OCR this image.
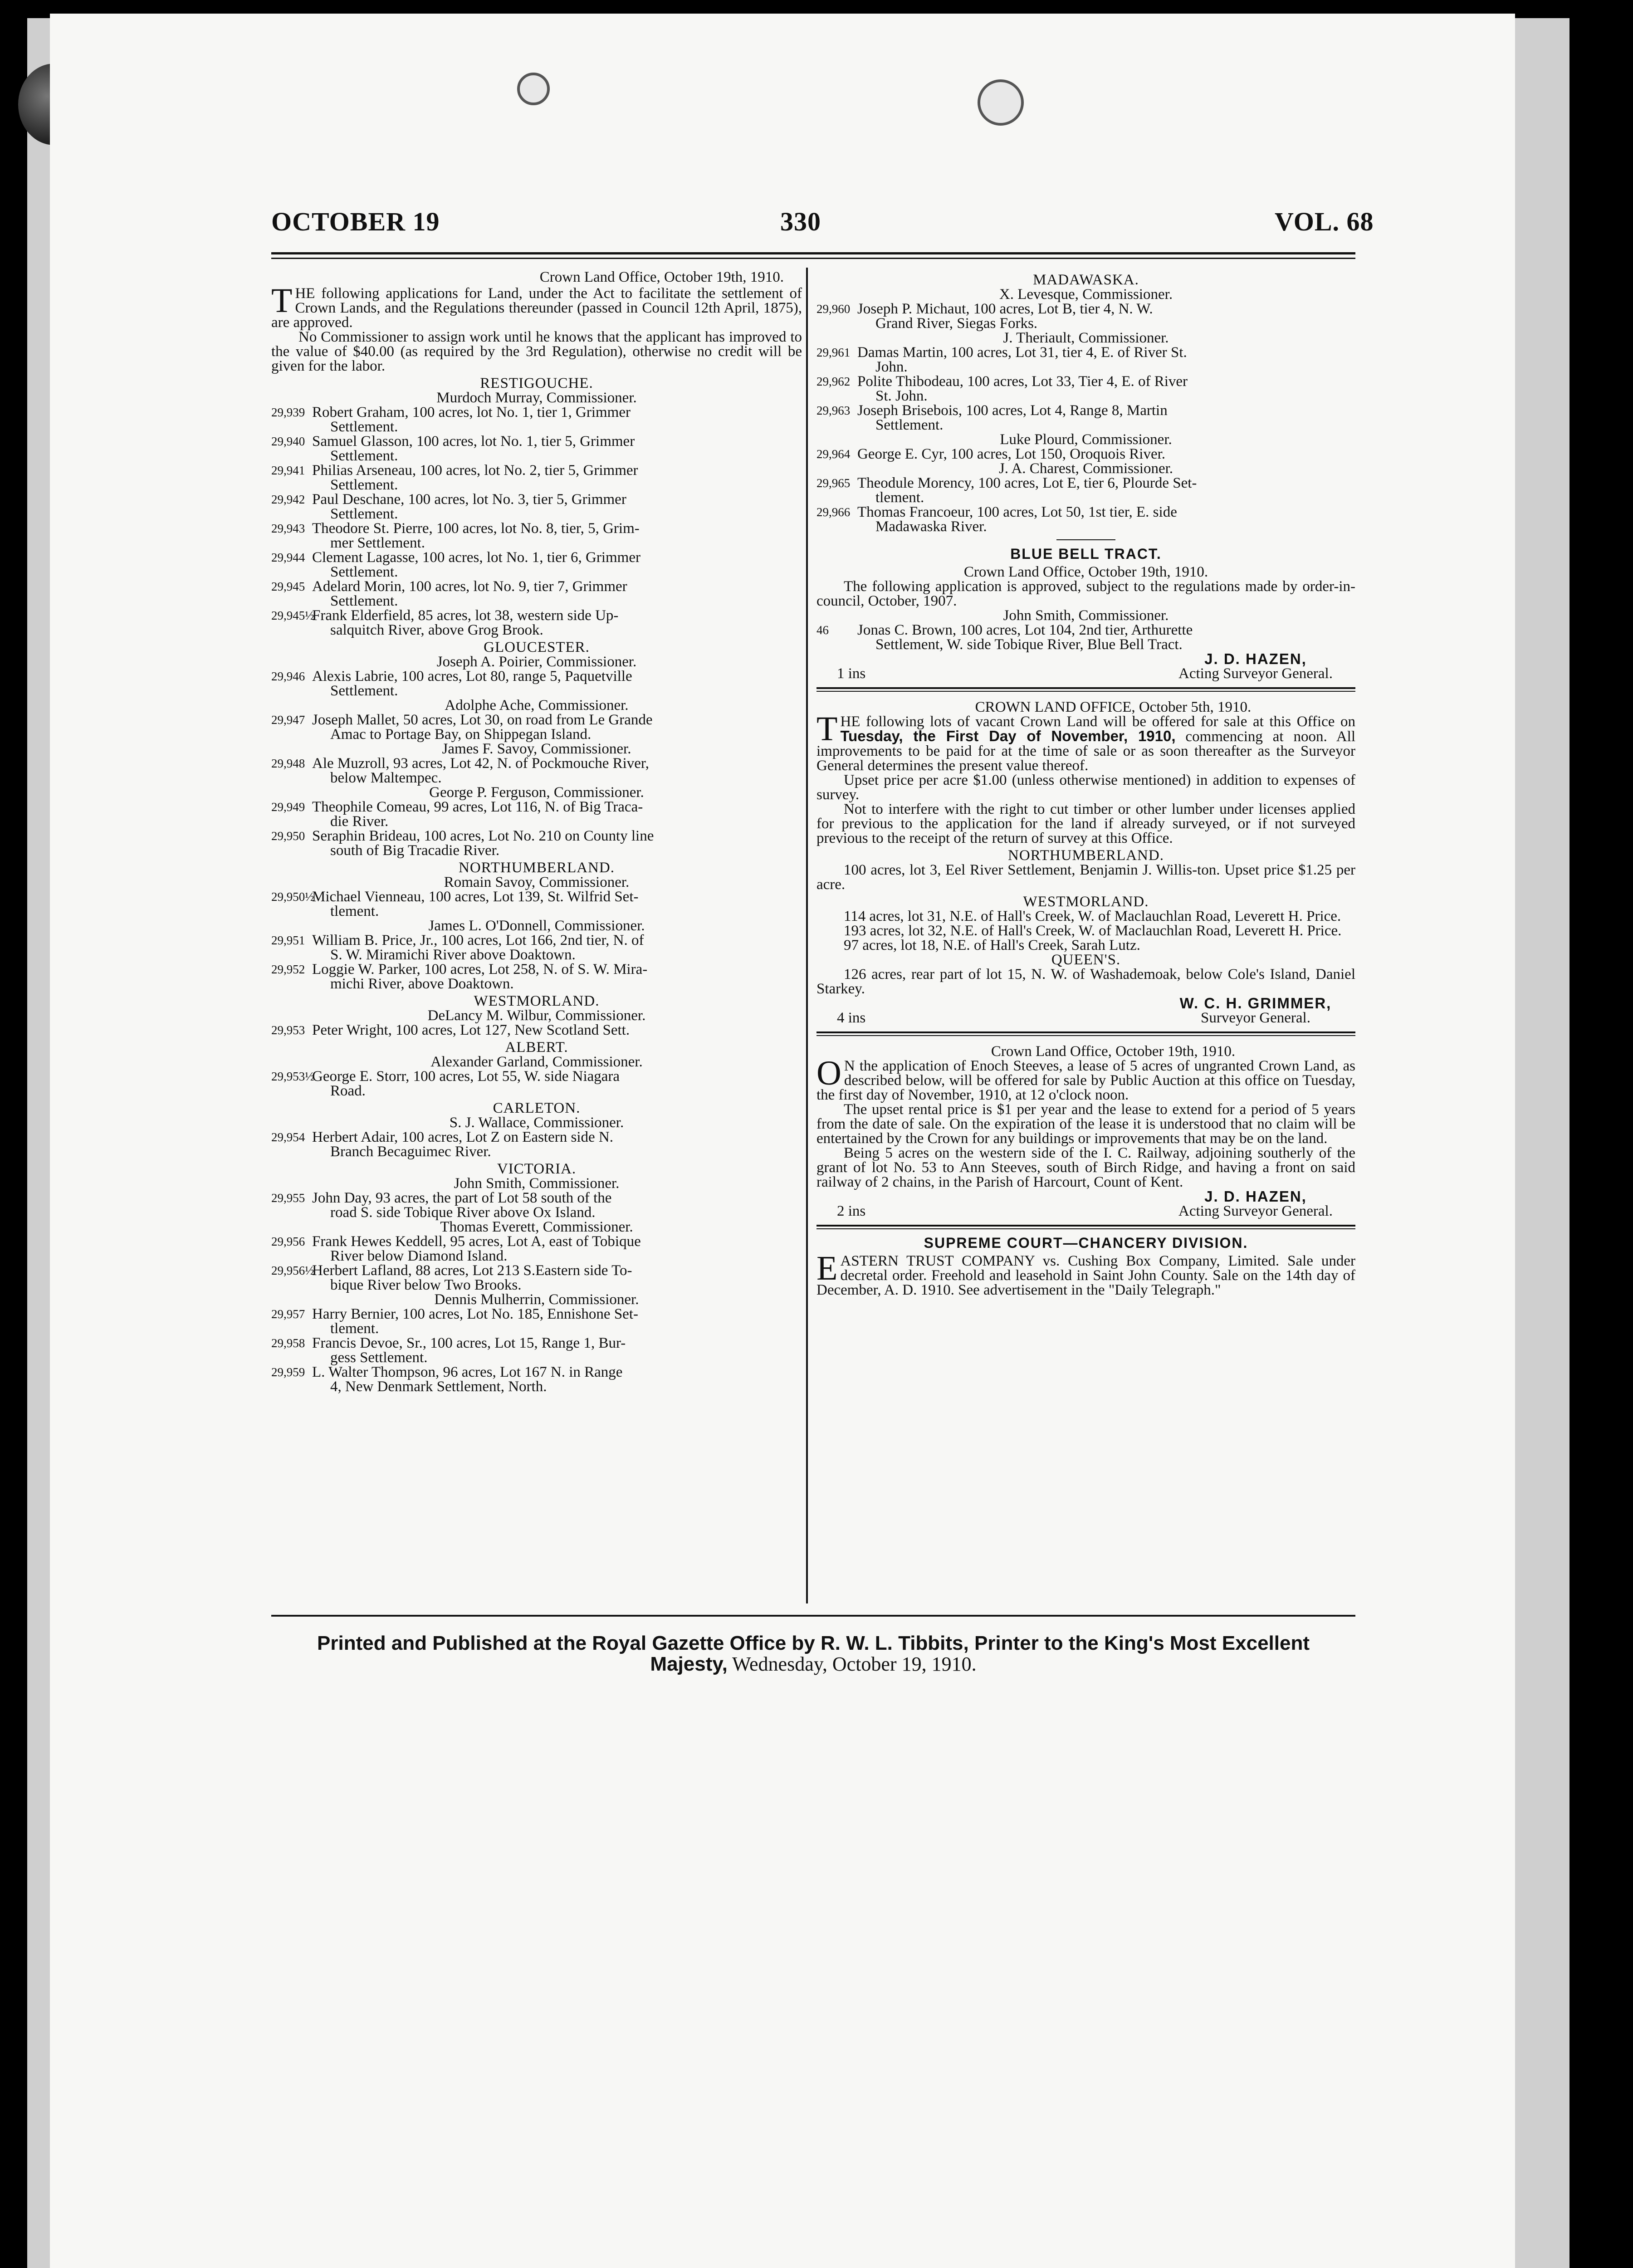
OCTOBER 19	330	VOL. 68
Crown Land Office, October 19th, 1910.

THE following applications for Land, under the Act to facilitate the settlement of Crown Lands, and the Regulations thereunder (passed in Council 12th April, 1875), are approved.

No Commissioner to assign work until he knows that the applicant has improved to the value of $40.00 (as required by the 3rd Regulation), otherwise no credit will be given for the labor.

RESTIGOUCHE.
Murdoch Murray, Commissioner.
29,939 Robert Graham, 100 acres, lot No. 1, tier 1, Grimmer
Settlement.
29,940 Samuel Glasson, 100 acres, lot No. 1, tier 5, Grimmer
Settlement.
29,941 Philias Arseneau, 100 acres, lot No. 2, tier 5, Grimmer
Settlement.
29,942 Paul Deschane, 100 acres, lot No. 3, tier 5, Grimmer
Settlement.
29,943 Theodore St. Pierre, 100 acres, lot No. 8, tier, 5, Grim-
mer Settlement.
29,944 Clement Lagasse, 100 acres, lot No. 1, tier 6, Grimmer
Settlement.
29,945 Adelard Morin, 100 acres, lot No. 9, tier 7, Grimmer
Settlement.
29,945½
Frank Elderfield, 85 acres, lot 38, western side Up-
salquitch River, above Grog Brook.
GLOUCESTER.
Joseph A. Poirier, Commissioner.
29,946 Alexis Labrie, 100 acres, Lot 80, range 5, Paquetville
Settlement.
Adolphe Ache, Commissioner.
29,947 Joseph Mallet, 50 acres, Lot 30, on road from Le Grande
Amac to Portage Bay, on Shippegan Island.
James F. Savoy, Commissioner.
29,948 Ale Muzroll, 93 acres, Lot 42, N. of Pockmouche River,
below Maltempec.
George P. Ferguson, Commissioner.
29,949 Theophile Comeau, 99 acres, Lot 116, N. of Big Traca-
die River.
29,950 Seraphin Brideau, 100 acres, Lot No. 210 on County line
south of Big Tracadie River.
NORTHUMBERLAND.
Romain Savoy, Commissioner.
29,950½
Michael Vienneau, 100 acres, Lot 139, St. Wilfrid Set-
tlement.
James L. O'Donnell, Commissioner.
29,951 William B. Price, Jr., 100 acres, Lot 166, 2nd tier, N. of
S. W. Miramichi River above Doaktown.
29,952 Loggie W. Parker, 100 acres, Lot 258, N. of S. W. Mira-
michi River, above Doaktown.
WESTMORLAND.
DeLancy M. Wilbur, Commissioner.
29,953 Peter Wright, 100 acres, Lot 127, New Scotland Sett.
ALBERT.
Alexander Garland, Commissioner.
29,953½
George E. Storr, 100 acres, Lot 55, W. side Niagara
Road.
CARLETON.
S. J. Wallace, Commissioner.
29,954 Herbert Adair, 100 acres, Lot Z on Eastern side N.
Branch Becaguimec River.
VICTORIA.
John Smith, Commissioner.
29,955 John Day, 93 acres, the part of Lot 58 south of the
road S. side Tobique River above Ox Island.
Thomas Everett, Commissioner.
29,956 Frank Hewes Keddell, 95 acres, Lot A, east of Tobique
River below Diamond Island.
29,956½
Herbert Lafland, 88 acres, Lot 213 S.Eastern side To-
bique River below Two Brooks.
Dennis Mulherrin, Commissioner.
29,957 Harry Bernier, 100 acres, Lot No. 185, Ennishone Set-
tlement.
29,958 Francis Devoe, Sr., 100 acres, Lot 15, Range 1, Bur-
gess Settlement.
29,959 L. Walter Thompson, 96 acres, Lot 167 N. in Range
4, New Denmark Settlement, North.
MADAWASKA.
X. Levesque, Commissioner.
29,960 Joseph P. Michaut, 100 acres, Lot B, tier 4, N. W.
Grand River, Siegas Forks.
J. Theriault, Commissioner.
29,961 Damas Martin, 100 acres, Lot 31, tier 4, E. of River St.
John.
29,962 Polite Thibodeau, 100 acres, Lot 33, Tier 4, E. of River
St. John.
29,963 Joseph Brisebois, 100 acres, Lot 4, Range 8, Martin
Settlement.
Luke Plourd, Commissioner.
29,964 George E. Cyr, 100 acres, Lot 150, Oroquois River.
J. A. Charest, Commissioner.
29,965 Theodule Morency, 100 acres, Lot E, tier 6, Plourde Set-
tlement.
29,966 Thomas Francoeur, 100 acres, Lot 50, 1st tier, E. side
Madawaska River.
BLUE BELL TRACT.
Crown Land Office, October 19th, 1910.

The following application is approved, subject to the regulations made by order-in-council, October, 1907.

John Smith, Commissioner.
46	Jonas C. Brown, 100 acres, Lot 104, 2nd tier, Arthurette
Settlement, W. side Tobique River, Blue Bell Tract.
1 ins
J. D. HAZEN,
Acting Surveyor General.
CROWN LAND OFFICE, October 5th, 1910.

THE following lots of vacant Crown Land will be offered for sale at this Office on Tuesday, the First Day of November, 1910, commencing at noon. All improvements to be paid for at the time of sale or as soon thereafter as the Surveyor General determines the present value thereof.

Upset price per acre $1.00 (unless otherwise mentioned) in addition to expenses of survey.

Not to interfere with the right to cut timber or other lumber under licenses applied for previous to the application for the land if already surveyed, or if not surveyed previous to the receipt of the return of survey at this Office.

NORTHUMBERLAND.

100 acres, lot 3, Eel River Settlement, Benjamin J. Willis-ton. Upset price $1.25 per acre.

WESTMORLAND.

114 acres, lot 31, N.E. of Hall's Creek, W. of Maclauchlan Road, Leverett H. Price.

193 acres, lot 32, N.E. of Hall's Creek, W. of Maclauchlan Road, Leverett H. Price.

97 acres, lot 18, N.E. of Hall's Creek, Sarah Lutz.

QUEEN'S.

126 acres, rear part of lot 15, N. W. of Washademoak, below Cole's Island, Daniel Starkey.

4 ins
W. C. H. GRIMMER,
Surveyor General.
Crown Land Office, October 19th, 1910.

O N the application of Enoch Steeves, a lease of 5 acres of ungranted Crown Land, as described below, will be offered for sale by Public Auction at this office on Tuesday, the first day of November, 1910, at 12 o'clock noon.

The upset rental price is $1 per year and the lease to extend for a period of 5 years from the date of sale. On the expiration of the lease it is understood that no claim will be entertained by the Crown for any buildings or improvements that may be on the land.

Being 5 acres on the western side of the I. C. Railway, adjoining southerly of the grant of lot No. 53 to Ann Steeves, south of Birch Ridge, and having a front on said railway of 2 chains, in the Parish of Harcourt, Count of Kent.

2 ins
J. D. HAZEN,
Acting Surveyor General.
SUPREME COURT—CHANCERY DIVISION.

EASTERN TRUST COMPANY vs. Cushing Box Company, Limited. Sale under decretal order. Freehold and leasehold in Saint John County. Sale on the 14th day of December, A. D. 1910. See advertisement in the "Daily Telegraph."

Printed and Published at the Royal Gazette Office by R. W. L. Tibbits, Printer to the King's Most Excellent
Majesty, Wednesday, October 19, 1910.
